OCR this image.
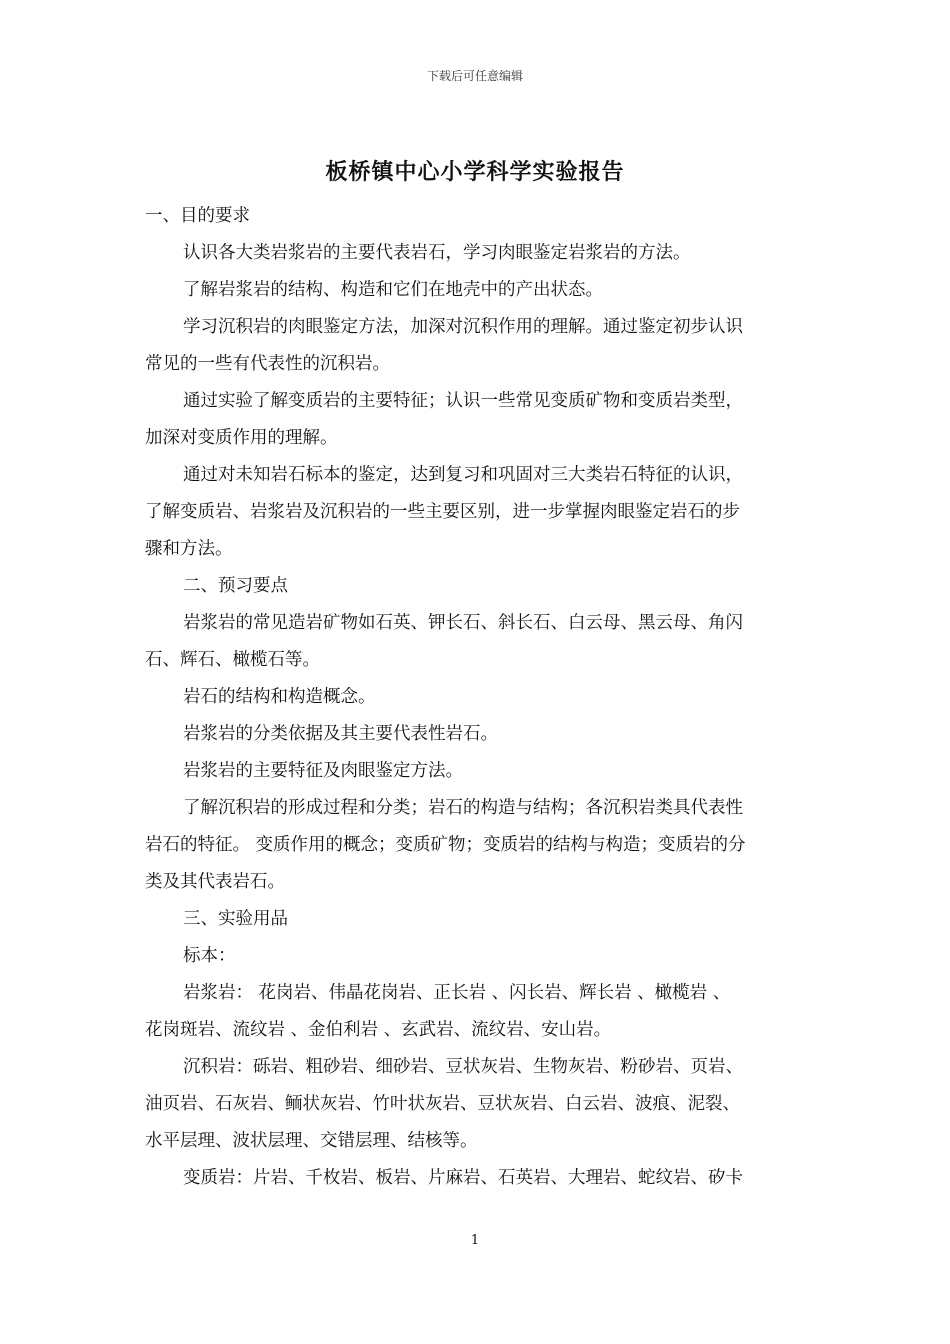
下载后可任意编辑
板桥镇中心小学科学实验报告
一、目的要求
认识各大类岩浆岩的主要代表岩石，学习肉眼鉴定岩浆岩的方法。
了解岩浆岩的结构、构造和它们在地壳中的产出状态。
学习沉积岩的肉眼鉴定方法，加深对沉积作用的理解。通过鉴定初步认识
常见的一些有代表性的沉积岩。
通过实验了解变质岩的主要特征；认识一些常见变质矿物和变质岩类型，
加深对变质作用的理解。
通过对未知岩石标本的鉴定，达到复习和巩固对三大类岩石特征的认识，
了解变质岩、岩浆岩及沉积岩的一些主要区别，进一步掌握肉眼鉴定岩石的步
骤和方法。
二、预习要点
岩浆岩的常见造岩矿物如石英、钾长石、斜长石、白云母、黑云母、角闪
石、辉石、橄榄石等。
岩石的结构和构造概念。
岩浆岩的分类依据及其主要代表性岩石。
岩浆岩的主要特征及肉眼鉴定方法。
了解沉积岩的形成过程和分类；岩石的构造与结构；各沉积岩类具代表性
岩石的特征。 变质作用的概念；变质矿物；变质岩的结构与构造；变质岩的分
类及其代表岩石。
三、实验用品
标本：
岩浆岩： 花岗岩、伟晶花岗岩、正长岩 、闪长岩、辉长岩 、橄榄岩 、
花岗斑岩、流纹岩 、金伯利岩 、玄武岩、流纹岩、安山岩。
沉积岩：砾岩、粗砂岩、细砂岩、豆状灰岩、生物灰岩、粉砂岩、页岩、
油页岩、石灰岩、鲕状灰岩、竹叶状灰岩、豆状灰岩、白云岩、波痕、泥裂、
水平层理、波状层理、交错层理、结核等。
变质岩：片岩、千枚岩、板岩、片麻岩、石英岩、大理岩、蛇纹岩、矽卡
1
